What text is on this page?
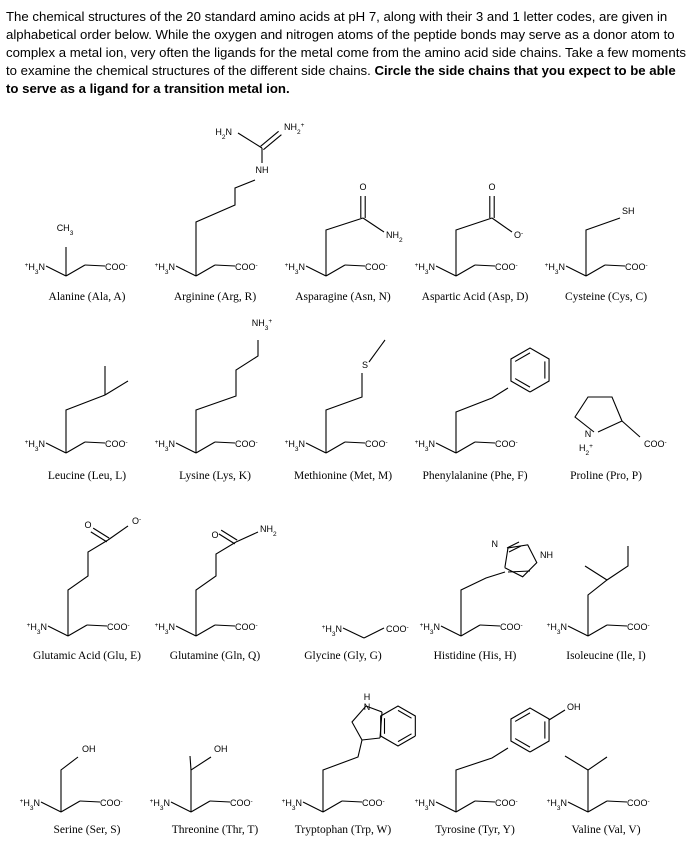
The chemical structures of the 20 standard amino acids at pH 7, along with their 3 and 1 letter codes, are given in alphabetical order below. While the oxygen and nitrogen atoms of the peptide bonds may serve as a donor atom to complex a metal ion, very often the ligands for the metal come from the amino acid side chains. Take a few moments to examine the chemical structures of the different side chains. Circle the side chains that you expect to be able to serve as a ligand for a transition metal ion.
Alanine (Ala, A)
$^+H_3N$	COO-
$CH_3$
Arginine (Arg, R)
$^+H_3N$	COO-
NH
$H_2N$	$NH_2^+$
Asparagine (Asn, N)
$^+H_3N$	COO-
O
$NH_2$
Aspartic Acid (Asp, D)
$^+H_3N$	COO-
O
O-
Cysteine (Cys, C)
$^+H_3N$	COO-
SH
Leucine (Leu, L)
$^+H_3N$	COO-
Lysine (Lys, K)
$^+H_3N$	COO-
$NH_3^+$
Methionine (Met, M)
$^+H_3N$	COO-
S
Phenylalanine (Phe, F)
$^+H_3N$	COO-
Proline (Pro, P)
N
$H_2^+$	COO-
Glutamic Acid (Glu, E)
$^+H_3N$	COO-
O	O-
Glutamine (Gln, Q)
$^+H_3N$	COO-
O
$NH_2$
Glycine (Gly, G)
$^+H_3N$	COO-
Histidine (His, H)
$^+H_3N$	COO-
N
NH
Isoleucine (Ile, I)
$^+H_3N$	COO-
Serine (Ser, S)
$^+H_3N$	COO-
OH
Threonine (Thr, T)
$^+H_3N$	COO-
OH
Tryptophan (Trp, W)
$^+H_3N$	COO-
H
N
Tyrosine (Tyr, Y)
$^+H_3N$	COO-
OH
Valine (Val, V)
$^+H_3N$	COO-
